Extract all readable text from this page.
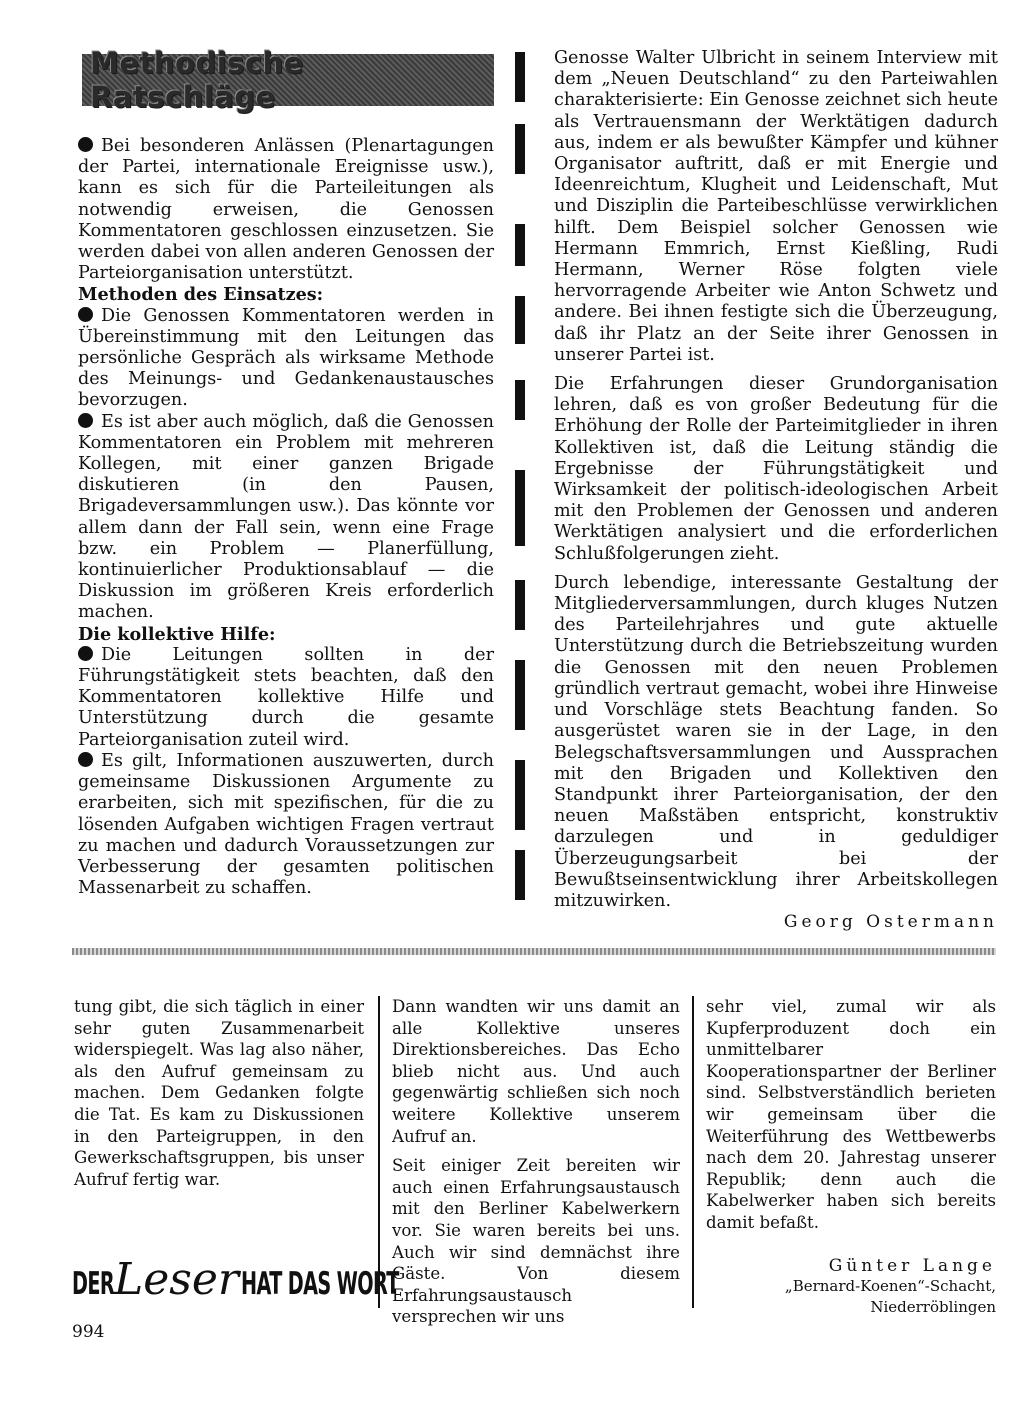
Methodische Ratschläge

Bei besonderen Anlässen (Plenartagungen der Partei, internationale Ereignisse usw.), kann es sich für die Parteileitungen als notwendig erweisen, die Genossen Kommentatoren geschlossen einzusetzen. Sie werden dabei von allen anderen Genossen der Parteiorganisation unterstützt.

Methoden des Einsatzes:

Die Genossen Kommentatoren werden in Übereinstimmung mit den Leitungen das persönliche Gespräch als wirksame Methode des Meinungs- und Gedankenaustausches bevorzugen.

Es ist aber auch möglich, daß die Genossen Kommentatoren ein Problem mit mehreren Kollegen, mit einer ganzen Brigade diskutieren (in den Pausen, Brigadeversammlungen usw.). Das könnte vor allem dann der Fall sein, wenn eine Frage bzw. ein Problem — Planerfüllung, kontinuierlicher Produktionsablauf — die Diskussion im größeren Kreis erforderlich machen.

Die kollektive Hilfe:

Die Leitungen sollten in der Führungstätigkeit stets beachten, daß den Kommentatoren kollektive Hilfe und Unterstützung durch die gesamte Parteiorganisation zuteil wird.

Es gilt, Informationen auszuwerten, durch gemeinsame Diskussionen Argumente zu erarbeiten, sich mit spezifischen, für die zu lösenden Aufgaben wichtigen Fragen vertraut zu machen und dadurch Voraussetzungen zur Verbesserung der gesamten politischen Massenarbeit zu schaffen.

Genosse Walter Ulbricht in seinem Interview mit dem „Neuen Deutschland“ zu den Parteiwahlen charakterisierte: Ein Genosse zeichnet sich heute als Vertrauensmann der Werktätigen dadurch aus, indem er als bewußter Kämpfer und kühner Organisator auftritt, daß er mit Energie und Ideenreichtum, Klugheit und Leidenschaft, Mut und Disziplin die Parteibeschlüsse verwirklichen hilft. Dem Beispiel solcher Genossen wie Hermann Emmrich, Ernst Kießling, Rudi Hermann, Werner Röse folgten viele hervorragende Arbeiter wie Anton Schwetz und andere. Bei ihnen festigte sich die Überzeugung, daß ihr Platz an der Seite ihrer Genossen in unserer Partei ist.

Die Erfahrungen dieser Grundorganisation lehren, daß es von großer Bedeutung für die Erhöhung der Rolle der Parteimitglieder in ihren Kollektiven ist, daß die Leitung ständig die Ergebnisse der Führungstätigkeit und Wirksamkeit der politisch-ideologischen Arbeit mit den Problemen der Genossen und anderen Werktätigen analysiert und die erforderlichen Schlußfolgerungen zieht.

Durch lebendige, interessante Gestaltung der Mitgliederversammlungen, durch kluges Nutzen des Parteilehrjahres und gute aktuelle Unterstützung durch die Betriebszeitung wurden die Genossen mit den neuen Problemen gründlich vertraut gemacht, wobei ihre Hinweise und Vorschläge stets Beachtung fanden. So ausgerüstet waren sie in der Lage, in den Belegschaftsversammlungen und Aussprachen mit den Brigaden und Kollektiven den Standpunkt ihrer Parteiorganisation, der den neuen Maßstäben entspricht, konstruktiv darzulegen und in geduldiger Überzeugungsarbeit bei der Bewußtseinsentwicklung ihrer Arbeitskollegen mitzuwirken.

Georg Ostermann

tung gibt, die sich täglich in einer sehr guten Zusammenarbeit widerspiegelt. Was lag also näher, als den Aufruf gemeinsam zu machen. Dem Gedanken folgte die Tat. Es kam zu Diskussionen in den Parteigruppen, in den Gewerkschaftsgruppen, bis unser Aufruf fertig war.

Dann wandten wir uns damit an alle Kollektive unseres Direktionsbereiches. Das Echo blieb nicht aus. Und auch gegenwärtig schließen sich noch weitere Kollektive unserem Aufruf an.

Seit einiger Zeit bereiten wir auch einen Erfahrungsaustausch mit den Berliner Kabelwerkern vor. Sie waren bereits bei uns. Auch wir sind demnächst ihre Gäste. Von diesem Erfahrungsaustausch versprechen wir uns

sehr viel, zumal wir als Kupferproduzent doch ein unmittelbarer Kooperationspartner der Berliner sind. Selbstverständlich berieten wir gemeinsam über die Weiterführung des Wettbewerbs nach dem 20. Jahrestag unserer Republik; denn auch die Kabelwerker haben sich bereits damit befaßt.

Günter Lange

„Bernard-Koenen“-Schacht,

Niederröblingen

DER Leser HAT DAS WORT
994
